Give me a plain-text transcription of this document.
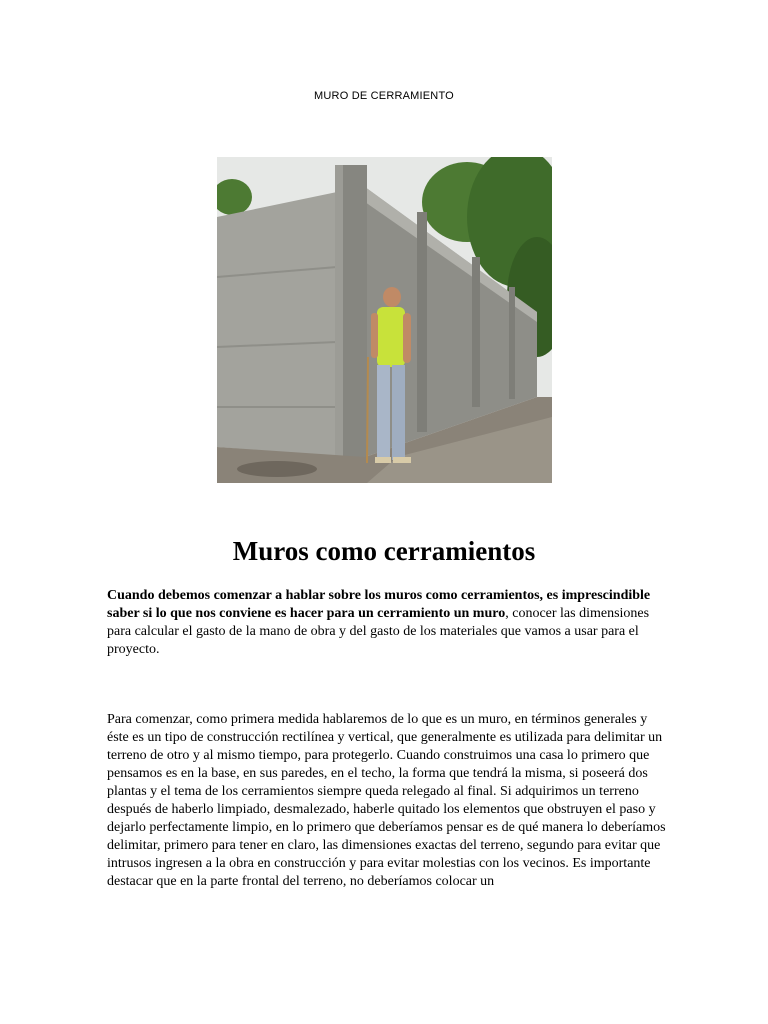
MURO DE CERRAMIENTO
Muros como cerramientos

Cuando debemos comenzar a hablar sobre los muros como cerramientos, es imprescindible saber si lo que nos conviene es hacer para un cerramiento un muro, conocer las dimensiones para calcular el gasto de la mano de obra y del gasto de los materiales que vamos a usar para el proyecto.

Para comenzar, como primera medida hablaremos de lo que es un muro, en términos generales y éste es un tipo de construcción rectilínea y vertical, que generalmente es utilizada para delimitar un terreno de otro y al mismo tiempo, para protegerlo. Cuando construimos una casa lo primero que pensamos es en la base, en sus paredes, en el techo, la forma que tendrá la misma, si poseerá dos plantas y el tema de los cerramientos siempre queda relegado al final. Si adquirimos un terreno después de haberlo limpiado, desmalezado, haberle quitado los elementos que obstruyen el paso y dejarlo perfectamente limpio, en lo primero que deberíamos pensar es de qué manera lo deberíamos delimitar, primero para tener en claro, las dimensiones exactas del terreno, segundo para evitar que intrusos ingresen a la obra en construcción y para evitar molestias con los vecinos. Es importante destacar que en la parte frontal del terreno, no deberíamos colocar un
